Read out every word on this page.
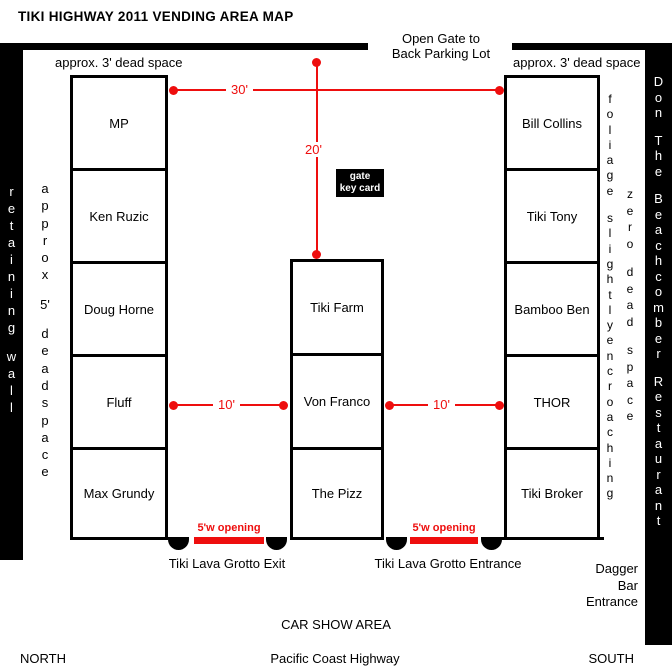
TIKI HIGHWAY 2011 VENDING AREA MAP
Open Gate to
Back Parking Lot
approx. 3' dead space	approx. 3' dead space
r
e
t
a
i
n
i
n
g
w
a
l
l
a
p
p
r
o
x
5'
d
e
a
d
s
p
a
c
e
MP
Ken Ruzic
Doug Horne
Fluff
Max Grundy
Tiki Farm
Von Franco
The Pizz
Bill Collins
Tiki Tony
Bamboo Ben
THOR
Tiki Broker
30'
20'
gate
key card
10'	10'
5'w opening
Tiki Lava Grotto Exit
5'w opening
Tiki Lava Grotto Entrance
f
o
l
i
a
g
e
s
l
i
g
h
t
l
y
e
n
c
r
o
a
c
h
i
n
g
z
e
r
o
d
e
a
d
s
p
a
c
e
D
o
n
T
h
e
B
e
a
c
h
c
o
m
b
e
r
R
e
s
t
a
u
r
a
n
t
Dagger
Bar
Entrance
CAR SHOW AREA
Pacific Coast Highway
NORTH	SOUTH
